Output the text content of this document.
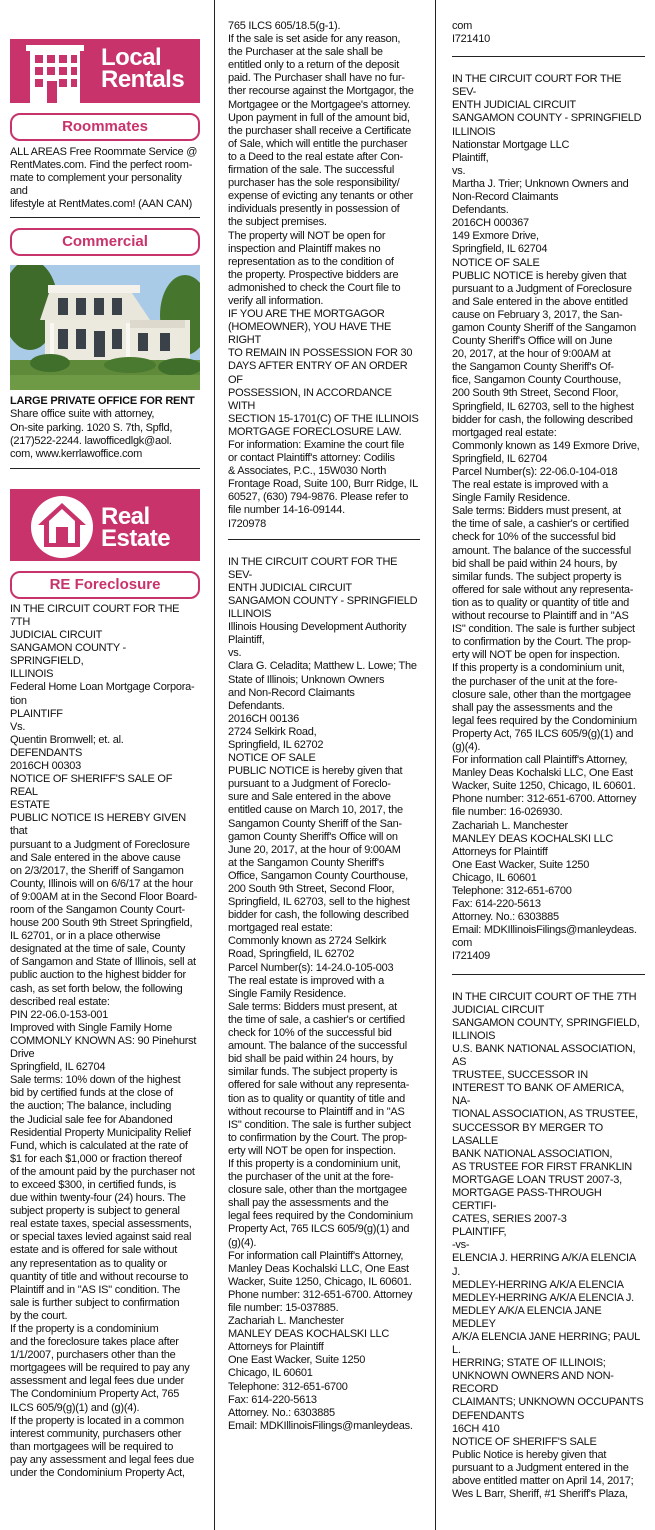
Local
Rentals
Roommates
ALL AREAS Free Roommate Service @
RentMates.com. Find the perfect room-
mate to complement your personality and
lifestyle at RentMates.com! (AAN CAN)
Commercial
LARGE PRIVATE OFFICE FOR RENT
Share office suite with attorney,
On-site parking. 1020 S. 7th, Spfld,
(217)522-2244. lawofficedlgk@aol.
com, www.kerrlawoffice.com
Real
Estate
RE Foreclosure
IN THE CIRCUIT COURT FOR THE 7TH
JUDICIAL CIRCUIT
SANGAMON COUNTY - SPRINGFIELD,
ILLINOIS
Federal Home Loan Mortgage Corpora-
tion
PLAINTIFF
Vs.
Quentin Bromwell; et. al.
DEFENDANTS
2016CH 00303
NOTICE OF SHERIFF'S SALE OF REAL
ESTATE
PUBLIC NOTICE IS HEREBY GIVEN that
pursuant to a Judgment of Foreclosure
and Sale entered in the above cause
on 2/3/2017, the Sheriff of Sangamon
County, Illinois will on 6/6/17 at the hour
of 9:00AM at in the Second Floor Board-
room of the Sangamon County Court-
house 200 South 9th Street Springfield,
IL 62701, or in a place otherwise
designated at the time of sale, County
of Sangamon and State of Illinois, sell at
public auction to the highest bidder for
cash, as set forth below, the following
described real estate:
PIN 22-06.0-153-001
Improved with Single Family Home
COMMONLY KNOWN AS: 90 Pinehurst
Drive
Springfield, IL 62704
Sale terms: 10% down of the highest
bid by certified funds at the close of
the auction; The balance, including
the Judicial sale fee for Abandoned
Residential Property Municipality Relief
Fund, which is calculated at the rate of
$1 for each $1,000 or fraction thereof
of the amount paid by the purchaser not
to exceed $300, in certified funds, is
due within twenty-four (24) hours. The
subject property is subject to general
real estate taxes, special assessments,
or special taxes levied against said real
estate and is offered for sale without
any representation as to quality or
quantity of title and without recourse to
Plaintiff and in "AS IS" condition. The
sale is further subject to confirmation
by the court.
If the property is a condominium
and the foreclosure takes place after
1/1/2007, purchasers other than the
mortgagees will be required to pay any
assessment and legal fees due under
The Condominium Property Act, 765
ILCS 605/9(g)(1) and (g)(4).
If the property is located in a common
interest community, purchasers other
than mortgagees will be required to
pay any assessment and legal fees due
under the Condominium Property Act,
765 ILCS 605/18.5(g-1).
If the sale is set aside for any reason,
the Purchaser at the sale shall be
entitled only to a return of the deposit
paid. The Purchaser shall have no fur-
ther recourse against the Mortgagor, the
Mortgagee or the Mortgagee's attorney.
Upon payment in full of the amount bid,
the purchaser shall receive a Certificate
of Sale, which will entitle the purchaser
to a Deed to the real estate after Con-
firmation of the sale. The successful
purchaser has the sole responsibility/
expense of evicting any tenants or other
individuals presently in possession of
the subject premises.
The property will NOT be open for
inspection and Plaintiff makes no
representation as to the condition of
the property. Prospective bidders are
admonished to check the Court file to
verify all information.
IF YOU ARE THE MORTGAGOR
(HOMEOWNER), YOU HAVE THE RIGHT
TO REMAIN IN POSSESSION FOR 30
DAYS AFTER ENTRY OF AN ORDER OF
POSSESSION, IN ACCORDANCE WITH
SECTION 15-1701(C) OF THE ILLINOIS
MORTGAGE FORECLOSURE LAW.
For information: Examine the court file
or contact Plaintiff's attorney: Codilis
& Associates, P.C., 15W030 North
Frontage Road, Suite 100, Burr Ridge, IL
60527, (630) 794-9876. Please refer to
file number 14-16-09144.
I720978
IN THE CIRCUIT COURT FOR THE SEV-
ENTH JUDICIAL CIRCUIT
SANGAMON COUNTY - SPRINGFIELD
ILLINOIS
Illinois Housing Development Authority
Plaintiff,
vs.
Clara G. Celadita; Matthew L. Lowe; The
State of Illinois; Unknown Owners
and Non-Record Claimants
Defendants.
2016CH 00136
2724 Selkirk Road,
Springfield, IL 62702
NOTICE OF SALE
PUBLIC NOTICE is hereby given that
pursuant to a Judgment of Foreclo-
sure and Sale entered in the above
entitled cause on March 10, 2017, the
Sangamon County Sheriff of the San-
gamon County Sheriff's Office will on
June 20, 2017, at the hour of 9:00AM
at the Sangamon County Sheriff's
Office, Sangamon County Courthouse,
200 South 9th Street, Second Floor,
Springfield, IL 62703, sell to the highest
bidder for cash, the following described
mortgaged real estate:
Commonly known as 2724 Selkirk
Road, Springfield, IL 62702
Parcel Number(s): 14-24.0-105-003
The real estate is improved with a
Single Family Residence.
Sale terms: Bidders must present, at
the time of sale, a cashier's or certified
check for 10% of the successful bid
amount. The balance of the successful
bid shall be paid within 24 hours, by
similar funds. The subject property is
offered for sale without any representa-
tion as to quality or quantity of title and
without recourse to Plaintiff and in "AS
IS" condition. The sale is further subject
to confirmation by the Court. The prop-
erty will NOT be open for inspection.
If this property is a condominium unit,
the purchaser of the unit at the fore-
closure sale, other than the mortgagee
shall pay the assessments and the
legal fees required by the Condominium
Property Act, 765 ILCS 605/9(g)(1) and
(g)(4).
For information call Plaintiff's Attorney,
Manley Deas Kochalski LLC, One East
Wacker, Suite 1250, Chicago, IL 60601.
Phone number: 312-651-6700. Attorney
file number: 15-037885.
Zachariah L. Manchester
MANLEY DEAS KOCHALSKI LLC
Attorneys for Plaintiff
One East Wacker, Suite 1250
Chicago, IL 60601
Telephone: 312-651-6700
Fax: 614-220-5613
Attorney. No.: 6303885
Email: MDKIllinoisFilings@manleydeas.
com
I721410
IN THE CIRCUIT COURT FOR THE SEV-
ENTH JUDICIAL CIRCUIT
SANGAMON COUNTY - SPRINGFIELD
ILLINOIS
Nationstar Mortgage LLC
Plaintiff,
vs.
Martha J. Trier; Unknown Owners and
Non-Record Claimants
Defendants.
2016CH 000367
149 Exmore Drive,
Springfield, IL 62704
NOTICE OF SALE
PUBLIC NOTICE is hereby given that
pursuant to a Judgment of Foreclosure
and Sale entered in the above entitled
cause on February 3, 2017, the San-
gamon County Sheriff of the Sangamon
County Sheriff's Office will on June
20, 2017, at the hour of 9:00AM at
the Sangamon County Sheriff's Of-
fice, Sangamon County Courthouse,
200 South 9th Street, Second Floor,
Springfield, IL 62703, sell to the highest
bidder for cash, the following described
mortgaged real estate:
Commonly known as 149 Exmore Drive,
Springfield, IL 62704
Parcel Number(s): 22-06.0-104-018
The real estate is improved with a
Single Family Residence.
Sale terms: Bidders must present, at
the time of sale, a cashier's or certified
check for 10% of the successful bid
amount. The balance of the successful
bid shall be paid within 24 hours, by
similar funds. The subject property is
offered for sale without any representa-
tion as to quality or quantity of title and
without recourse to Plaintiff and in "AS
IS" condition. The sale is further subject
to confirmation by the Court. The prop-
erty will NOT be open for inspection.
If this property is a condominium unit,
the purchaser of the unit at the fore-
closure sale, other than the mortgagee
shall pay the assessments and the
legal fees required by the Condominium
Property Act, 765 ILCS 605/9(g)(1) and
(g)(4).
For information call Plaintiff's Attorney,
Manley Deas Kochalski LLC, One East
Wacker, Suite 1250, Chicago, IL 60601.
Phone number: 312-651-6700. Attorney
file number: 16-026930.
Zachariah L. Manchester
MANLEY DEAS KOCHALSKI LLC
Attorneys for Plaintiff
One East Wacker, Suite 1250
Chicago, IL 60601
Telephone: 312-651-6700
Fax: 614-220-5613
Attorney. No.: 6303885
Email: MDKIllinoisFilings@manleydeas.
com
I721409
IN THE CIRCUIT COURT OF THE 7TH
JUDICIAL CIRCUIT
SANGAMON COUNTY, SPRINGFIELD,
ILLINOIS
U.S. BANK NATIONAL ASSOCIATION, AS
TRUSTEE, SUCCESSOR IN
INTEREST TO BANK OF AMERICA, NA-
TIONAL ASSOCIATION, AS TRUSTEE,
SUCCESSOR BY MERGER TO LASALLE
BANK NATIONAL ASSOCIATION,
AS TRUSTEE FOR FIRST FRANKLIN
MORTGAGE LOAN TRUST 2007-3,
MORTGAGE PASS-THROUGH CERTIFI-
CATES, SERIES 2007-3
PLAINTIFF,
-vs-
ELENCIA J. HERRING A/K/A ELENCIA J.
MEDLEY-HERRING A/K/A ELENCIA
MEDLEY-HERRING A/K/A ELENCIA J.
MEDLEY A/K/A ELENCIA JANE MEDLEY
A/K/A ELENCIA JANE HERRING; PAUL L.
HERRING; STATE OF ILLINOIS;
UNKNOWN OWNERS AND NON-RECORD
CLAIMANTS; UNKNOWN OCCUPANTS
DEFENDANTS
16CH 410
NOTICE OF SHERIFF'S SALE
Public Notice is hereby given that
pursuant to a Judgment entered in the
above entitled matter on April 14, 2017;
Wes L Barr, Sheriff, #1 Sheriff's Plaza,
